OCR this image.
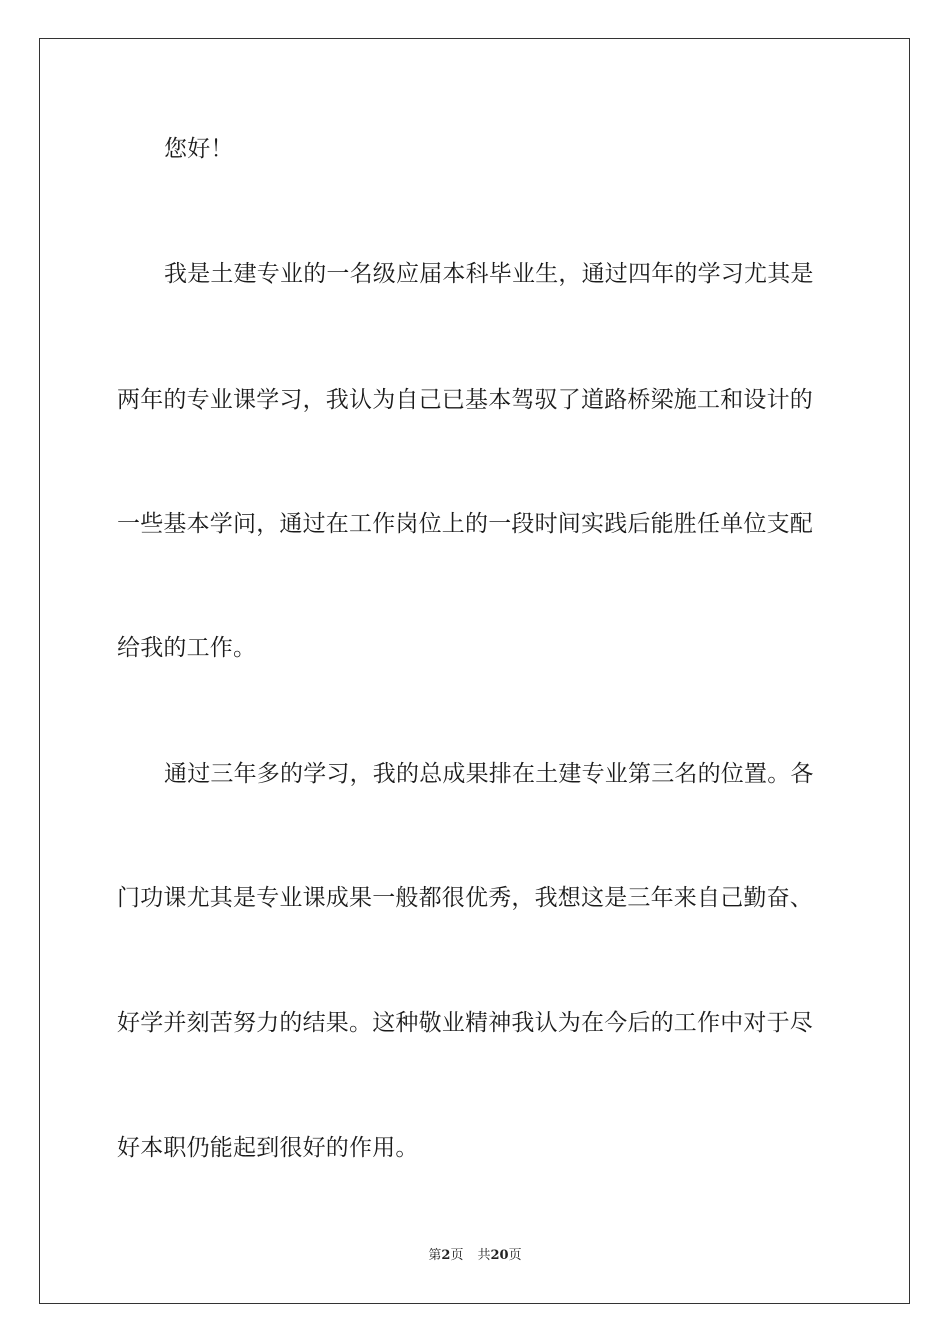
您好！
我是土建专业的一名级应届本科毕业生，通过四年的学习尤其是
两年的专业课学习，我认为自己已基本驾驭了道路桥梁施工和设计的
一些基本学问，通过在工作岗位上的一段时间实践后能胜任单位支配
给我的工作。
通过三年多的学习，我的总成果排在土建专业第三名的位置。各
门功课尤其是专业课成果一般都很优秀，我想这是三年来自己勤奋、
好学并刻苦努力的结果。这种敬业精神我认为在今后的工作中对于尽
好本职仍能起到很好的作用。
第2页 共20页
